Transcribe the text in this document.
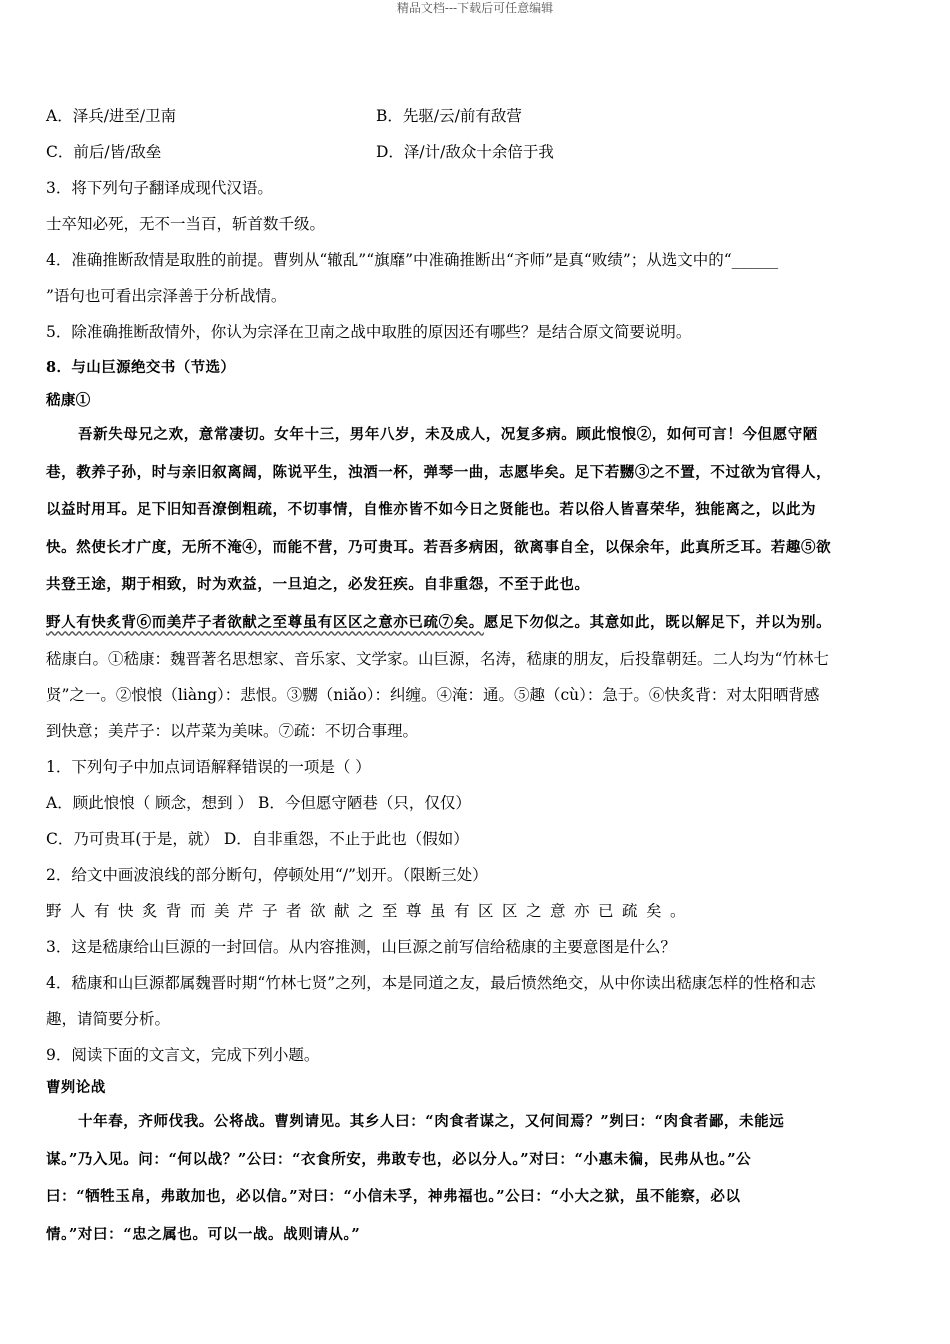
精品文档---下载后可任意编辑
A．泽兵/进至/卫南	B．先驱/云/前有敌营
C．前后/皆/敌垒	D．泽/计/敌众十余倍于我
3．将下列句子翻译成现代汉语。
士卒知必死，无不一当百，斩首数千级。
4．准确推断敌情是取胜的前提。曹刿从“辙乱”“旗靡”中准确推断出“齐师”是真“败绩”；从选文中的“______
”语句也可看出宗泽善于分析战情。
5．除准确推断敌情外，你认为宗泽在卫南之战中取胜的原因还有哪些？是结合原文简要说明。
8．与山巨源绝交书（节选）
嵇康①
吾新失母兄之欢，意常凄切。女年十三，男年八岁，未及成人，况复多病。顾此悢悢②，如何可言！今但愿守陋
巷，教养子孙，时与亲旧叙离阔，陈说平生，浊酒一杯，弹琴一曲，志愿毕矣。足下若嬲③之不置，不过欲为官得人，
以益时用耳。足下旧知吾潦倒粗疏，不切事情，自惟亦皆不如今日之贤能也。若以俗人皆喜荣华，独能离之，以此为
快。然使长才广度，无所不淹④，而能不营，乃可贵耳。若吾多病困，欲离事自全，以保余年，此真所乏耳。若趣⑤欲
共登王途，期于相致，时为欢益，一旦迫之，必发狂疾。自非重怨，不至于此也。
野人有快炙背⑥而美芹子者欲献之至尊虽有区区之意亦已疏⑦矣。愿足下勿似之。其意如此，既以解足下，并以为别。
嵇康白。①嵇康：魏晋著名思想家、音乐家、文学家。山巨源，名涛，嵇康的朋友，后投靠朝廷。二人均为“竹林七
贤”之一。②悢悢（liàng）：悲恨。③嬲（niǎo）：纠缠。④淹：通。⑤趣（cù）：急于。⑥快炙背：对太阳晒背感
到快意；美芹子：以芹菜为美味。⑦疏：不切合事理。
1．下列句子中加点词语解释错误的一项是（ ）
A．顾此悢悢（ 顾念，想到 ） B．今但愿守陋巷（只，仅仅）
C．乃可贵耳(于是，就） D．自非重怨，不止于此也（假如）
2．给文中画波浪线的部分断句，停顿处用“/”划开。（限断三处）
野人有快炙背而美芹子者欲献之至尊虽有区区之意亦已疏矣。
3．这是嵇康给山巨源的一封回信。从内容推测，山巨源之前写信给嵇康的主要意图是什么？
4．嵇康和山巨源都属魏晋时期“竹林七贤”之列，本是同道之友，最后愤然绝交，从中你读出嵇康怎样的性格和志
趣，请简要分析。
9．阅读下面的文言文，完成下列小题。
曹刿论战
十年春，齐师伐我。公将战。曹刿请见。其乡人曰：“肉食者谋之，又何间焉？”刿曰：“肉食者鄙，未能远
谋。”乃入见。问：“何以战？”公曰：“衣食所安，弗敢专也，必以分人。”对曰：“小惠未徧，民弗从也。”公
曰：“牺牲玉帛，弗敢加也，必以信。”对曰：“小信未孚，神弗福也。”公曰：“小大之狱，虽不能察，必以
情。”对曰：“忠之属也。可以一战。战则请从。”
